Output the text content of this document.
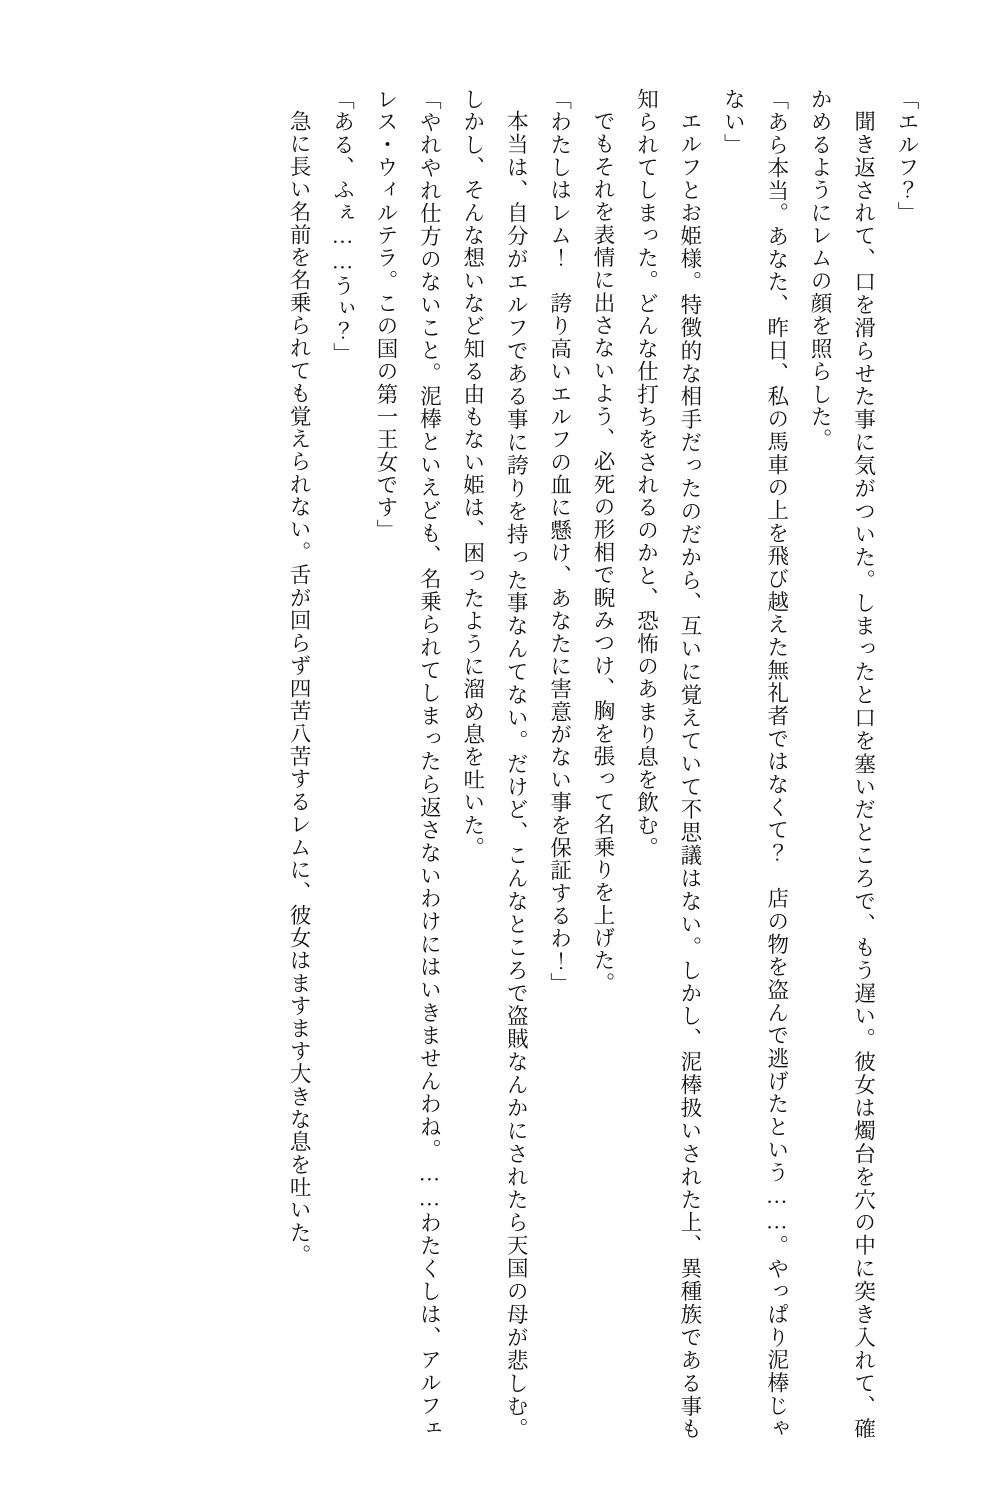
「エルフ？」

聞き返されて、口を滑らせた事に気がついた。しまったと口を塞いだところで、もう遅い。彼女は燭台を穴の中に突き入れて、確かめるようにレムの顔を照らした。

「あら本当。あなた、昨日、私の馬車の上を飛び越えた無礼者ではなくて？　店の物を盗んで逃げたという……。やっぱり泥棒じゃない」

エルフとお姫様。特徴的な相手だったのだから、互いに覚えていて不思議はない。しかし、泥棒扱いされた上、異種族である事も知られてしまった。どんな仕打ちをされるのかと、恐怖のあまり息を飲む。

でもそれを表情に出さないよう、必死の形相で睨みつけ、胸を張って名乗りを上げた。

「わたしはレム！　誇り高いエルフの血に懸け、あなたに害意がない事を保証するわ！」

本当は、自分がエルフである事に誇りを持った事なんてない。だけど、こんなところで盗賊なんかにされたら天国の母が悲しむ。しかし、そんな想いなど知る由もない姫は、困ったように溜め息を吐いた。

「やれやれ仕方のないこと。泥棒といえども、名乗られてしまったら返さないわけにはいきませんわね。……わたくしは、アルフェレス・ウィルテラ。この国の第一王女です」

「ある、ふぇ……うぃ？」

急に長い名前を名乗られても覚えられない。舌が回らず四苦八苦するレムに、彼女はますます大きな息を吐いた。
